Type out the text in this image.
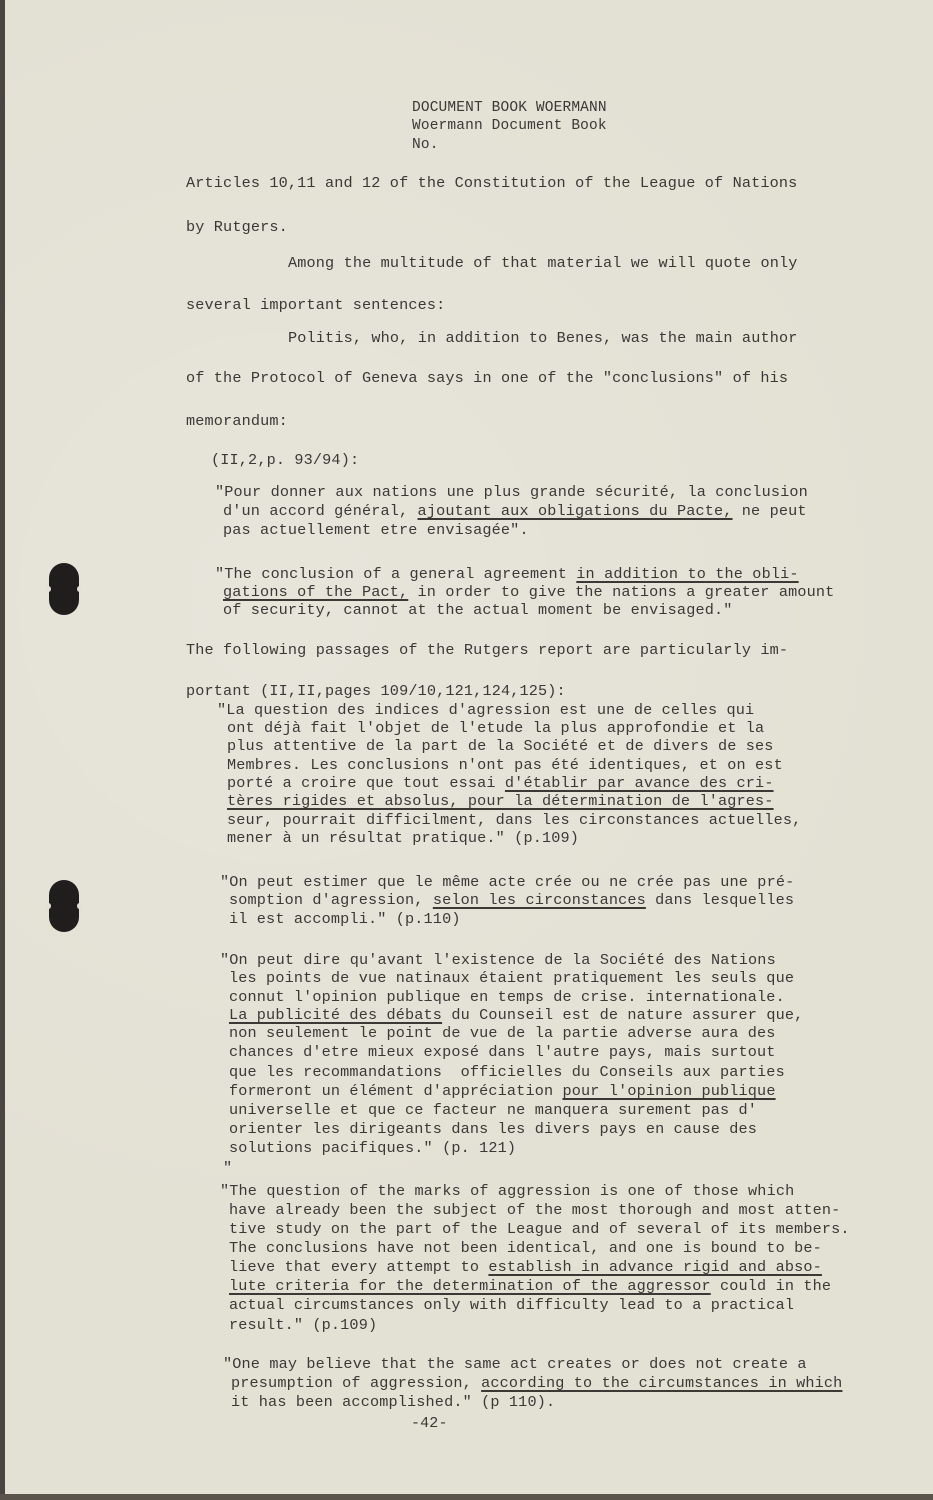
DOCUMENT BOOK WOERMANN
Woermann Document Book
No.
Articles 10,11 and 12 of the Constitution of the League of Nations
by Rutgers.
Among the multitude of that material we will quote only
several important sentences:
Politis, who, in addition to Benes, was the main author
of the Protocol of Geneva says in one of the "conclusions" of his
memorandum:
(II,2,p. 93/94):
"Pour donner aux nations une plus grande sécurité, la conclusion
d'un accord général, ajoutant aux obligations du Pacte, ne peut
pas actuellement etre envisagée".
"The conclusion of a general agreement in addition to the obli-
gations of the Pact, in order to give the nations a greater amount
of security, cannot at the actual moment be envisaged."
The following passages of the Rutgers report are particularly im-
portant (II,II,pages 109/10,121,124,125):
"La question des indices d'agression est une de celles qui
ont déjà fait l'objet de l'etude la plus approfondie et la
plus attentive de la part de la Société et de divers de ses
Membres. Les conclusions n'ont pas été identiques, et on est
porté a croire que tout essai d'établir par avance des cri-
tères rigides et absolus, pour la détermination de l'agres-
seur, pourrait difficilment, dans les circonstances actuelles,
mener à un résultat pratique." (p.109)
"On peut estimer que le même acte crée ou ne crée pas une pré-
somption d'agression, selon les circonstances dans lesquelles
il est accompli." (p.110)
"On peut dire qu'avant l'existence de la Société des Nations
les points de vue natinaux étaient pratiquement les seuls que
connut l'opinion publique en temps de crise. internationale.
La publicité des débats du Counseil est de nature assurer que,
non seulement le point de vue de la partie adverse aura des
chances d'etre mieux exposé dans l'autre pays, mais surtout
que les recommandations  officielles du Conseils aux parties
formeront un élément d'appréciation pour l'opinion publique
universelle et que ce facteur ne manquera surement pas d'
orienter les dirigeants dans les divers pays en cause des
solutions pacifiques." (p. 121)
"
"The question of the marks of aggression is one of those which
have already been the subject of the most thorough and most atten-
tive study on the part of the League and of several of its members.
The conclusions have not been identical, and one is bound to be-
lieve that every attempt to establish in advance rigid and abso-
lute criteria for the determination of the aggressor could in the
actual circumstances only with difficulty lead to a practical
result." (p.109)
"One may believe that the same act creates or does not create a
presumption of aggression, according to the circumstances in which
it has been accomplished." (p 110).
-42-
